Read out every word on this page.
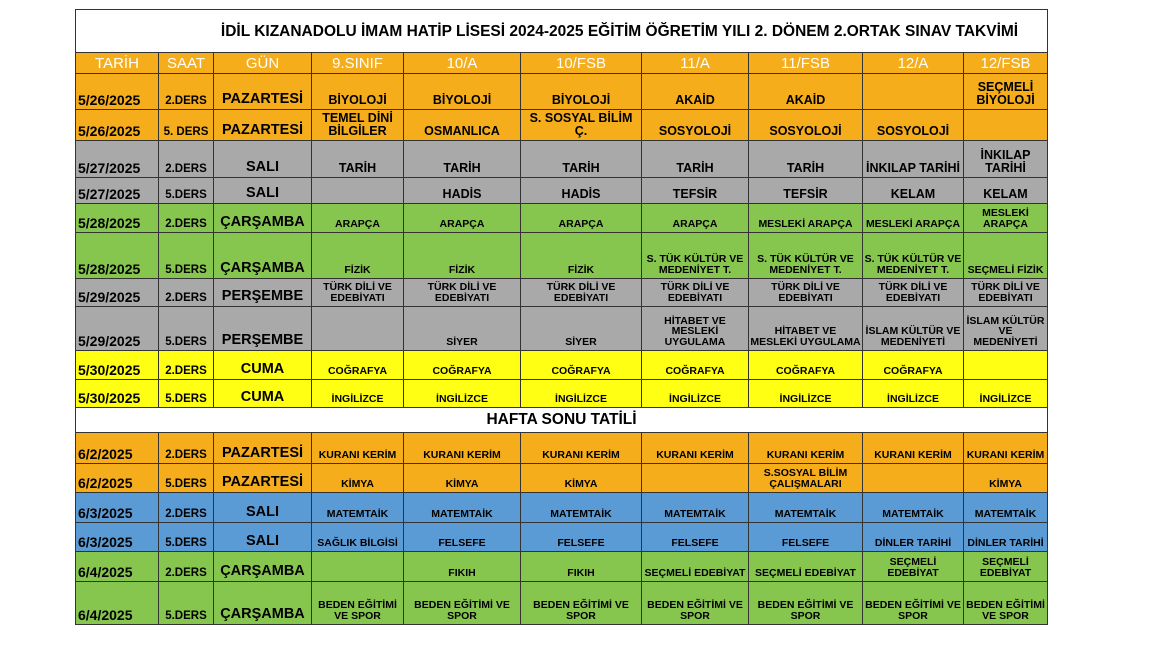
İDİL KIZANADOLU İMAM HATİP LİSESİ 2024-2025 EĞİTİM ÖĞRETİM YILI 2. DÖNEM 2.ORTAK SINAV TAKVİMİ									
TARİH	SAAT	GÜN	9.SINIF	10/A	10/FSB	11/A	11/FSB	12/A	12/FSB
5/26/2025	2.DERS	PAZARTESİ	BİYOLOJİ	BİYOLOJİ	BİYOLOJİ	AKAİD	AKAİD		SEÇMELİ BİYOLOJİ
5/26/2025	5. DERS	PAZARTESİ	TEMEL DİNİ BİLGİLER	OSMANLICA	S. SOSYAL BİLİM Ç.	SOSYOLOJİ	SOSYOLOJİ	SOSYOLOJİ	
5/27/2025	2.DERS	SALI	TARİH	TARİH	TARİH	TARİH	TARİH	İNKILAP TARİHİ	İNKILAP TARİHİ
5/27/2025	5.DERS	SALI		HADİS	HADİS	TEFSİR	TEFSİR	KELAM	KELAM
5/28/2025	2.DERS	ÇARŞAMBA	ARAPÇA	ARAPÇA	ARAPÇA	ARAPÇA	MESLEKİ ARAPÇA	MESLEKİ ARAPÇA	MESLEKİ ARAPÇA
5/28/2025	5.DERS	ÇARŞAMBA	FİZİK	FİZİK	FİZİK	S. TÜK KÜLTÜR VE MEDENİYET T.	S. TÜK KÜLTÜR VE MEDENİYET T.	S. TÜK KÜLTÜR VE MEDENİYET T.	SEÇMELİ FİZİK
5/29/2025	2.DERS	PERŞEMBE	TÜRK DİLİ VE EDEBİYATI	TÜRK DİLİ VE EDEBİYATI	TÜRK DİLİ VE EDEBİYATI	TÜRK DİLİ VE EDEBİYATI	TÜRK DİLİ VE EDEBİYATI	TÜRK DİLİ VE EDEBİYATI	TÜRK DİLİ VE EDEBİYATI
5/29/2025	5.DERS	PERŞEMBE		SİYER	SİYER	HİTABET VE MESLEKİ UYGULAMA	HİTABET VE MESLEKİ UYGULAMA	İSLAM KÜLTÜR VE MEDENİYETİ	İSLAM KÜLTÜR VE MEDENİYETİ
5/30/2025	2.DERS	CUMA	COĞRAFYA	COĞRAFYA	COĞRAFYA	COĞRAFYA	COĞRAFYA	COĞRAFYA	
5/30/2025	5.DERS	CUMA	İNGİLİZCE	İNGİLİZCE	İNGİLİZCE	İNGİLİZCE	İNGİLİZCE	İNGİLİZCE	İNGİLİZCE
HAFTA SONU TATİLİ									
6/2/2025	2.DERS	PAZARTESİ	KURANI KERİM	KURANI KERİM	KURANI KERİM	KURANI KERİM	KURANI KERİM	KURANI KERİM	KURANI KERİM
6/2/2025	5.DERS	PAZARTESİ	KİMYA	KİMYA	KİMYA		S.SOSYAL BİLİM ÇALIŞMALARI		KİMYA
6/3/2025	2.DERS	SALI	MATEMTAİK	MATEMTAİK	MATEMTAİK	MATEMTAİK	MATEMTAİK	MATEMTAİK	MATEMTAİK
6/3/2025	5.DERS	SALI	SAĞLIK BİLGİSİ	FELSEFE	FELSEFE	FELSEFE	FELSEFE	DİNLER TARİHİ	DİNLER TARİHİ
6/4/2025	2.DERS	ÇARŞAMBA		FIKIH	FIKIH	SEÇMELİ EDEBİYAT	SEÇMELİ EDEBİYAT	SEÇMELİ EDEBİYAT	SEÇMELİ EDEBİYAT
6/4/2025	5.DERS	ÇARŞAMBA	BEDEN EĞİTİMİ VE SPOR	BEDEN EĞİTİMİ VE SPOR	BEDEN EĞİTİMİ VE SPOR	BEDEN EĞİTİMİ VE SPOR	BEDEN EĞİTİMİ VE SPOR	BEDEN EĞİTİMİ VE SPOR	BEDEN EĞİTİMİ VE SPOR
